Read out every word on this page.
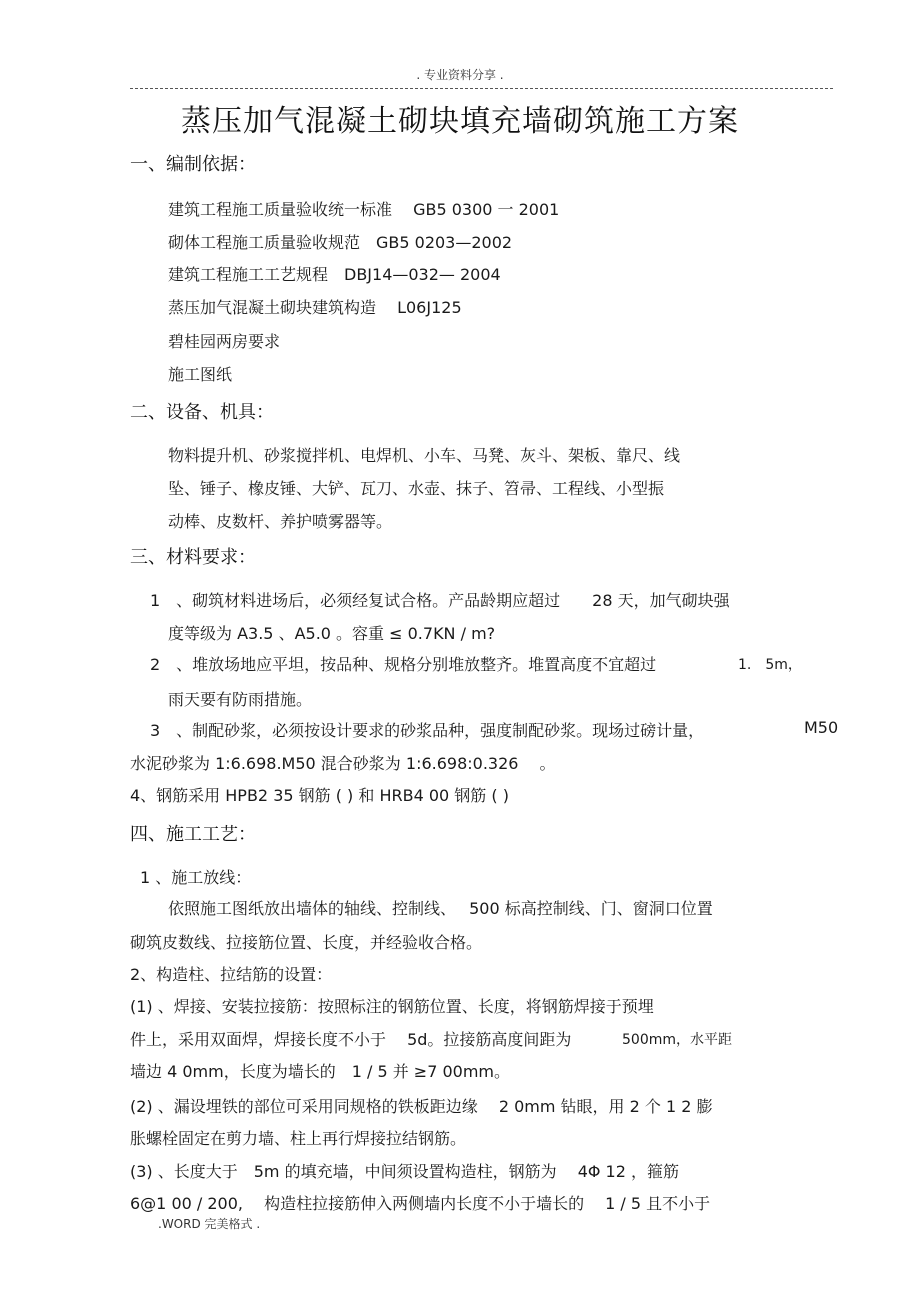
. 专业资料分享 .
蒸压加气混凝土砌块填充墙砌筑施工方案
一、编制依据：
建筑工程施工质量验收统一标准　 GB5 0300 一 2001
砌体工程施工质量验收规范　GB5 0203—2002
建筑工程施工工艺规程　DBJ14—032— 2004
蒸压加气混凝土砌块建筑构造　 L06J125
碧桂园两房要求
施工图纸
二、设备、机具：
物料提升机、砂浆搅拌机、电焊机、小车、马凳、灰斗、架板、靠尺、线
坠、锤子、橡皮锤、大铲、瓦刀、水壶、抹子、笤帚、工程线、小型振
动棒、皮数杆、养护喷雾器等。
三、材料要求：
1　、砌筑材料进场后，必须经复试合格。产品龄期应超过　　28 天，加气砌块强
度等级为 A3.5 、A5.0 。容重 ≤ 0.7KN / m?
2　、堆放场地应平坦，按品种、规格分别堆放整齐。堆置高度不宜超过	1.　5m，
雨天要有防雨措施。
3　、制配砂浆，必须按设计要求的砂浆品种，强度制配砂浆。现场过磅计量，	M50
水泥砂浆为 1:6.698.M50 混合砂浆为 1:6.698:0.326　 。
4、钢筋采用 HPB2 35 钢筋 ( ) 和 HRB4 00 钢筋 ( )
四、施工工艺：
1 、施工放线：
依照施工图纸放出墙体的轴线、控制线、　 500 标高控制线、门、窗洞口位置
砌筑皮数线、拉接筋位置、长度，并经验收合格。
2、构造柱、拉结筋的设置：
(1) 、焊接、安装拉接筋：按照标注的钢筋位置、长度，将钢筋焊接于预埋
件上，采用双面焊，焊接长度不小于　 5d。拉接筋高度间距为	500mm，水平距
墙边 4 0mm，长度为墙长的　1 / 5 并 ≥7 00mm。
(2) 、漏设埋铁的部位可采用同规格的铁板距边缘　 2 0mm 钻眼，用 2 个 1 2 膨
胀螺栓固定在剪力墙、柱上再行焊接拉结钢筋。
(3) 、长度大于　5m 的填充墙，中间须设置构造柱，钢筋为　 4Φ 12 ，箍筋
6@1 00 / 200,　 构造柱拉接筋伸入两侧墙内长度不小于墙长的　 1 / 5 且不小于
.WORD 完美格式 .
